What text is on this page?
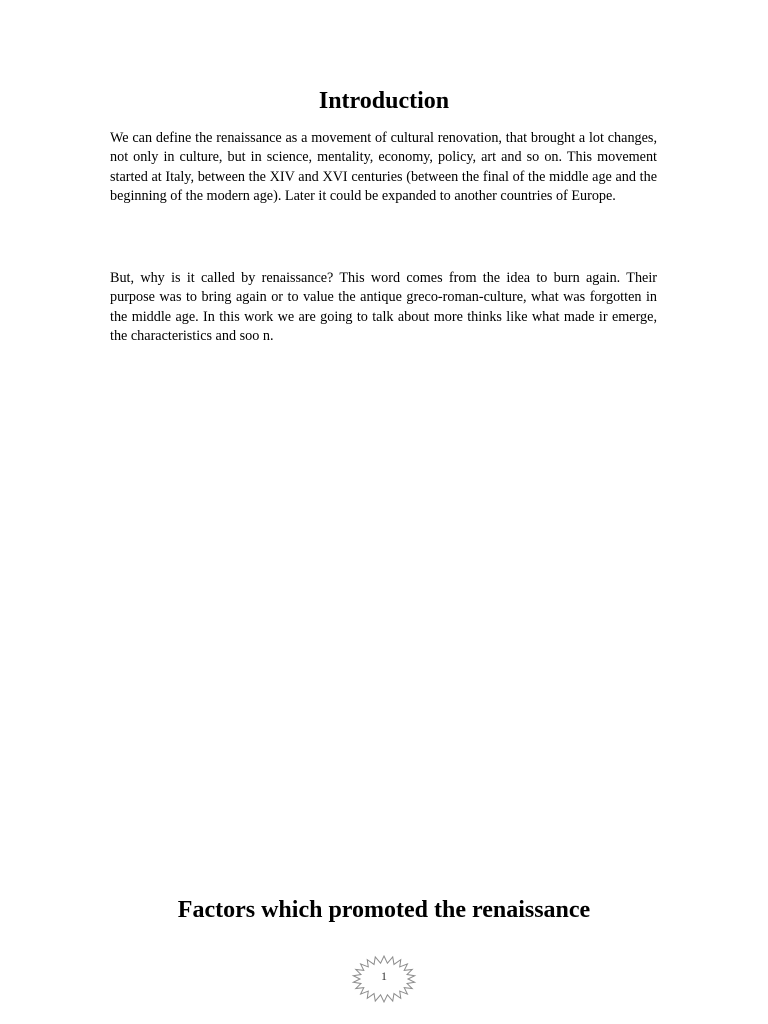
Introduction

We can define the renaissance as a movement of cultural renovation, that brought a lot changes, not only in culture, but in science, mentality, economy, policy, art and so on. This movement started at Italy, between the XIV and XVI centuries (between the final of the middle age and the beginning of the modern age). Later it could be expanded to another countries of Europe.

But, why is it called by renaissance? This word comes from the idea to burn again. Their purpose was to bring again or to value the antique greco-roman-culture, what was forgotten in the middle age. In this work we are going to talk about more thinks like what made ir emerge, the characteristics and soo n.

Factors which promoted the renaissance
1
